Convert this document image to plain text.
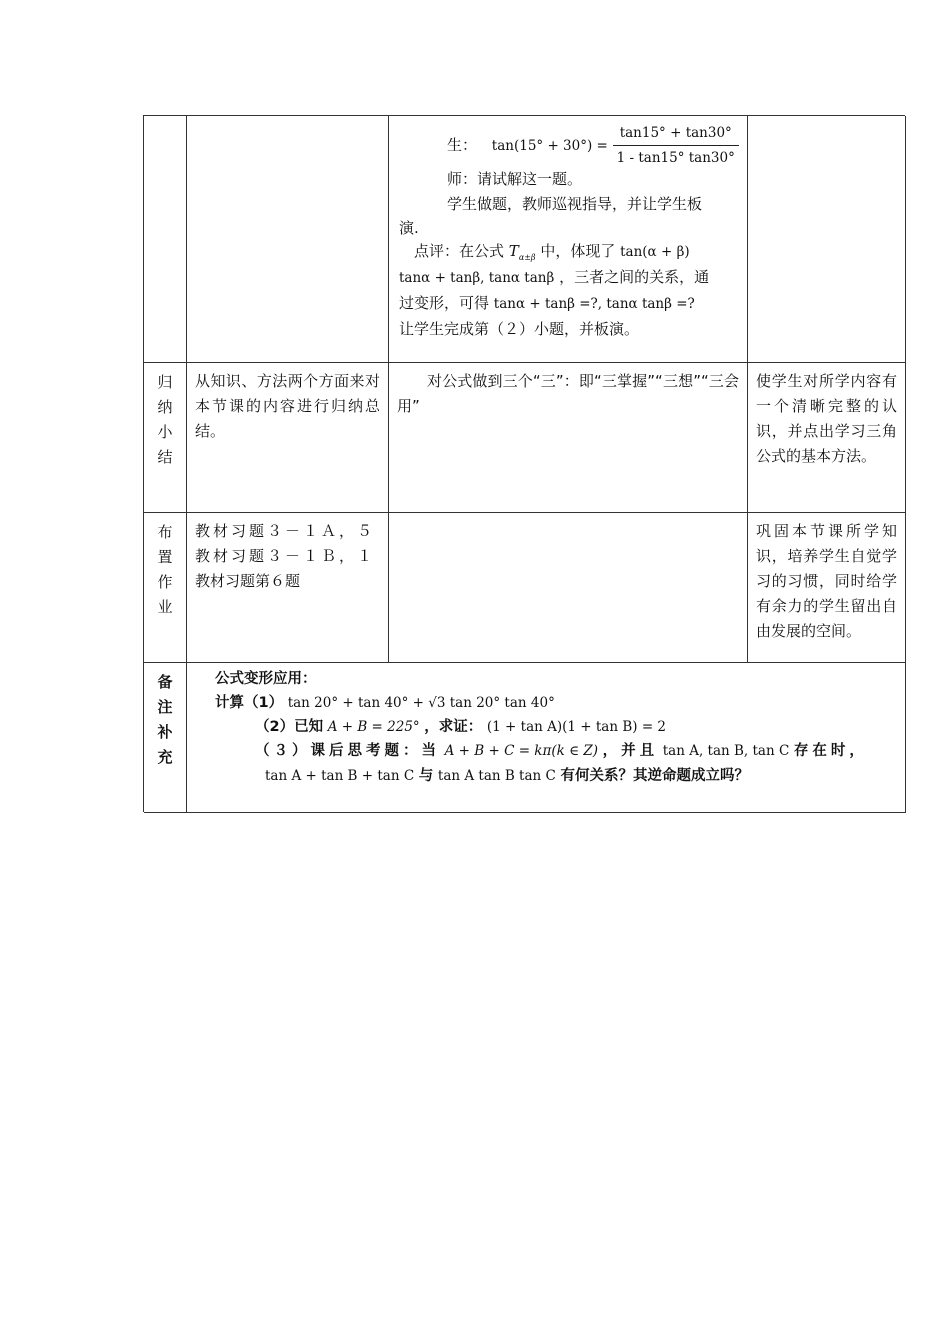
生： $\tan(15^\circ + 30^\circ) = \frac{\tan 15^\circ + \tan 30^\circ}{1 - \tan 15^\circ \tan 30^\circ}$
师：请试解这一题。
学生做题，教师巡视指导，并让学生板
演.
点评：在公式 $T_{\alpha\pm\beta}$ 中，体现了 tan(α + β)
tanα + tanβ, tanα tanβ ，三者之间的关系，通
过变形，可得 tanα + tanβ =?, tanα tanβ =?
让学生完成第（２）小题，并板演。
归
纳
小
结
从知识、方法两个方面来对本节课的内容进行归纳总结。
对公式做到三个“三”：即“三掌握”“三想”“三会用”
使学生对所学内容有一个清晰完整的认识，并点出学习三角公式的基本方法。
布
置
作
业
教材习题３－１Ａ，５
教材习题３－１Ｂ，１
教材习题第６题
巩固本节课所学知识，培养学生自觉学习的习惯，同时给学有余力的学生留出自由发展的空间。
备
注
补
充
公式变形应用：
计算（1） tan 20° + tan 40° + √3 tan 20° tan 40°
（2）已知 A + B = 225° ，求证： (1 + tan A)(1 + tan B) = 2
（３）课后思考题：当 A + B + C = kπ(k ∈ Z) ，并且 tan A, tan B, tan C 存在时，
tan A + tan B + tan C 与 tan A tan B tan C 有何关系？其逆命题成立吗？
